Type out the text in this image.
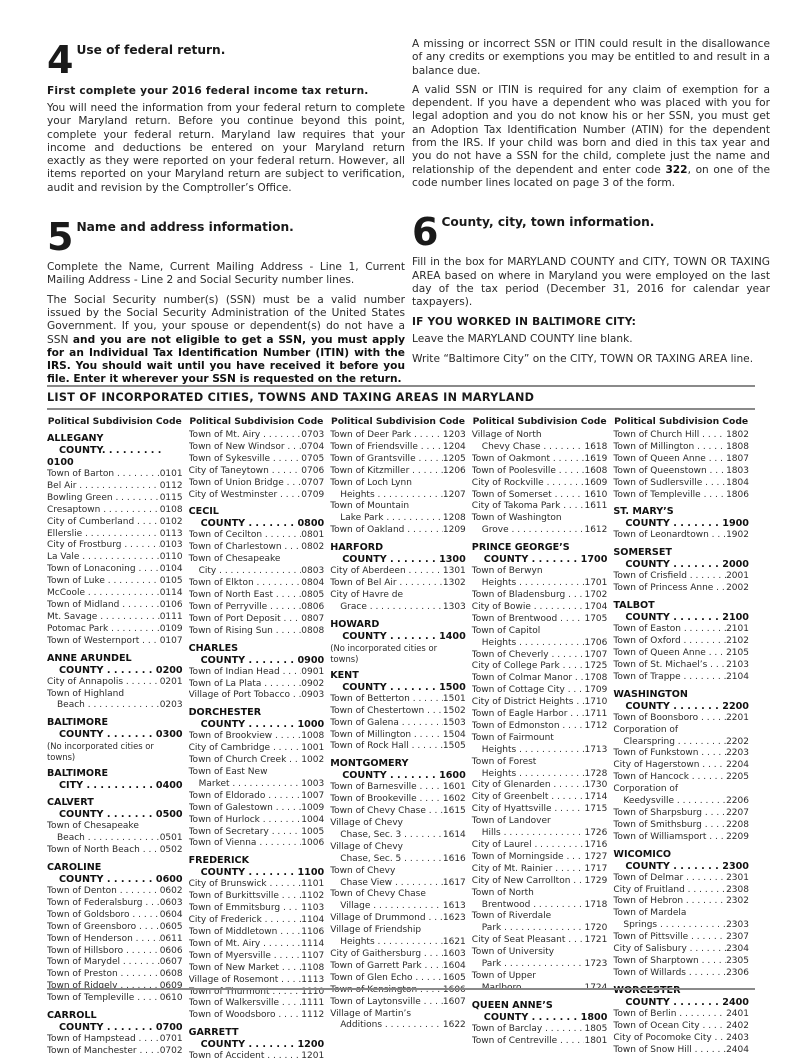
4 Use of federal return.
First complete your 2016 federal income tax return.

You will need the information from your federal return to complete your Maryland return. Before you continue beyond this point, complete your federal return. Maryland law requires that your income and deductions be entered on your Maryland return exactly as they were reported on your federal return. However, all items reported on your Maryland return are subject to verification, audit and revision by the Comptroller’s Office.

5 Name and address information.

Complete the Name, Current Mailing Address - Line 1, Current Mailing Address - Line 2 and Social Security number lines.

The Social Security number(s) (SSN) must be a valid number issued by the Social Security Administration of the United States Government. If you, your spouse or dependent(s) do not have a SSN and you are not eligible to get a SSN, you must apply for an Individual Tax Identification Number (ITIN) with the IRS. You should wait until you have received it before you file. Enter it wherever your SSN is requested on the return.

A missing or incorrect SSN or ITIN could result in the disallowance of any credits or exemptions you may be entitled to and result in a balance due.

A valid SSN or ITIN is required for any claim of exemption for a dependent. If you have a dependent who was placed with you for legal adoption and you do not know his or her SSN, you must get an Adoption Tax Identification Number (ATIN) for the dependent from the IRS. If your child was born and died in this tax year and you do not have a SSN for the child, complete just the name and relationship of the dependent and enter code 322, on one of the code number lines located on page 3 of the form.

6 County, city, town information.

Fill in the box for MARYLAND COUNTY and CITY, TOWN OR TAXING AREA based on where in Maryland you were employed on the last day of the tax period (December 31, 2016 for calendar year taxpayers).

IF YOU WORKED IN BALTIMORE CITY:

Leave the MARYLAND COUNTY line blank.

Write “Baltimore City” on the CITY, TOWN OR TAXING AREA line.

LIST OF INCORPORATED CITIES, TOWNS AND TAXING AREAS IN MARYLAND
Political Subdivision Code
ALLEGANY
COUNTY. . . . . . . . .
0100
Town of Barton . . .	0101
Bel Air . . .	0112
Bowling Green . . .	0115
Cresaptown . . .	0108
City of Cumberland . . .	0102
Ellerslie . . .	0113
City of Frostburg . . .	0103
La Vale . . .	0110
Town of Lonaconing . . .	0104
Town of Luke . . .	0105
McCoole . . .	0114
Town of Midland . . .	0106
Mt. Savage . . .	0111
Potomac Park . . .	0109
Town of Westernport . . .	0107
ANNE ARUNDEL
COUNTY . . .	0200
City of Annapolis . . .	0201
Town of Highland
Beach . . .	0203
BALTIMORE
COUNTY . . .	0300
(No incorporated cities or towns)
BALTIMORE
CITY . . .	0400
CALVERT
COUNTY . . .	0500
Town of Chesapeake
Beach . . .	0501
Town of North Beach . . .	0502
CAROLINE
COUNTY . . .	0600
Town of Denton . . .	0602
Town of Federalsburg . . .	0603
Town of Goldsboro . . .	0604
Town of Greensboro . . .	0605
Town of Henderson . . .	0611
Town of Hillsboro . . .	0606
Town of Marydel . . .	0607
Town of Preston . . .	0608
Town of Ridgely . . .	0609
Town of Templeville . . .	0610
CARROLL
COUNTY . . .	0700
Town of Hampstead . . .	0701
Town of Manchester . . .	0702
Political Subdivision Code
Town of Mt. Airy . . .	0703
Town of New Windsor . . .	0704
Town of Sykesville . . .	0705
City of Taneytown . . .	0706
Town of Union Bridge . . .	0707
City of Westminster . . .	0709
CECIL
COUNTY . . .	0800
Town of Cecilton . . .	0801
Town of Charlestown . . .	0802
Town of Chesapeake
City . . .	0803
Town of Elkton . . .	0804
Town of North East . . .	0805
Town of Perryville . . .	0806
Town of Port Deposit . . .	0807
Town of Rising Sun . . .	0808
CHARLES
COUNTY . . .	0900
Town of Indian Head . . .	0901
Town of La Plata . . .	0902
Village of Port Tobacco . . .	0903
DORCHESTER
COUNTY . . .	1000
Town of Brookview . . .	1008
City of Cambridge . . .	1001
Town of Church Creek . . .	1002
Town of East New
Market . . .	1003
Town of Eldorado . . .	1007
Town of Galestown . . .	1009
Town of Hurlock . . .	1004
Town of Secretary . . .	1005
Town of Vienna . . .	1006
FREDERICK
COUNTY . . .	1100
City of Brunswick . . .	1101
Town of Burkittsville . . .	1102
Town of Emmitsburg . . .	1103
City of Frederick . . .	1104
Town of Middletown . . .	1106
Town of Mt. Airy . . .	1114
Town of Myersville . . .	1107
Town of New Market . . .	1108
Village of Rosemont . . .	1113
Town of Thurmont . . .	1110
Town of Walkersville . . .	1111
Town of Woodsboro . . .	1112
GARRETT
COUNTY . . .	1200
Town of Accident . . .	1201
Political Subdivision Code
Town of Deer Park . . .	1203
Town of Friendsville . . .	1204
Town of Grantsville . . .	1205
Town of Kitzmiller . . .	1206
Town of Loch Lynn
Heights . . .	1207
Town of Mountain
Lake Park . . .	1208
Town of Oakland . . .	1209
HARFORD
COUNTY . . .	1300
City of Aberdeen . . .	1301
Town of Bel Air . . .	1302
City of Havre de
Grace . . .	1303
HOWARD
COUNTY . . .	1400
(No incorporated cities or towns)
KENT
COUNTY . . .	1500
Town of Betterton . . .	1501
Town of Chestertown . . .	1502
Town of Galena . . .	1503
Town of Millington . . .	1504
Town of Rock Hall . . .	1505
MONTGOMERY
COUNTY . . .	1600
Town of Barnesville . . .	1601
Town of Brookeville . . .	1602
Town of Chevy Chase . . .	1615
Village of Chevy
Chase, Sec. 3 . . .	1614
Village of Chevy
Chase, Sec. 5 . . .	1616
Town of Chevy
Chase View . . .	1617
Town of Chevy Chase
Village . . .	1613
Village of Drummond . . .	1623
Village of Friendship
Heights . . .	1621
City of Gaithersburg . . .	1603
Town of Garrett Park . . .	1604
Town of Glen Echo . . .	1605
Town of Kensington . . .	1606
Town of Laytonsville . . .	1607
Village of Martin’s
Additions . . .	1622
Political Subdivision Code
Village of North
Chevy Chase . . .	1618
Town of Oakmont . . .	1619
Town of Poolesville . . .	1608
City of Rockville . . .	1609
Town of Somerset . . .	1610
City of Takoma Park . . .	1611
Town of Washington
Grove . . .	1612
PRINCE GEORGE’S
COUNTY . . .	1700
Town of Berwyn
Heights . . .	1701
Town of Bladensburg . . .	1702
City of Bowie . . .	1704
Town of Brentwood . . .	1705
Town of Capitol
Heights . . .	1706
Town of Cheverly . . .	1707
City of College Park . . .	1725
Town of Colmar Manor . . .	1708
Town of Cottage City . . .	1709
City of District Heights . . .	1710
Town of Eagle Harbor . . .	1711
Town of Edmonston . . .	1712
Town of Fairmount
Heights . . .	1713
Town of Forest
Heights . . .	1728
City of Glenarden . . .	1730
City of Greenbelt . . .	1714
City of Hyattsville . . .	1715
Town of Landover
Hills . . .	1726
City of Laurel . . .	1716
Town of Morningside . . .	1727
City of Mt. Rainier . . .	1717
City of New Carrollton . . .	1729
Town of North
Brentwood . . .	1718
Town of Riverdale
Park . . .	1720
City of Seat Pleasant . . .	1721
Town of University
Park . . .	1723
Town of Upper
Marlboro . . .	1724
QUEEN ANNE’S
COUNTY . . .	1800
Town of Barclay . . .	1805
Town of Centreville . . .	1801
Political Subdivision Code
Town of Church Hill . . .	1802
Town of Millington . . .	1808
Town of Queen Anne . . .	1807
Town of Queenstown . . .	1803
Town of Sudlersville . . .	1804
Town of Templeville . . .	1806
ST. MARY’S
COUNTY . . .	1900
Town of Leonardtown . . .	1902
SOMERSET
COUNTY . . .	2000
Town of Crisfield . . .	2001
Town of Princess Anne . . .	2002
TALBOT
COUNTY . . .	2100
Town of Easton . . .	2101
Town of Oxford . . .	2102
Town of Queen Anne . . .	2105
Town of St. Michael’s . . .	2103
Town of Trappe . . .	2104
WASHINGTON
COUNTY . . .	2200
Town of Boonsboro . . .	2201
Corporation of
Clearspring . . .	2202
Town of Funkstown . . .	2203
City of Hagerstown . . .	2204
Town of Hancock . . .	2205
Corporation of
Keedysville . . .	2206
Town of Sharpsburg . . .	2207
Town of Smithsburg . . .	2208
Town of Williamsport . . .	2209
WICOMICO
COUNTY . . .	2300
Town of Delmar . . .	2301
City of Fruitland . . .	2308
Town of Hebron . . .	2302
Town of Mardela
Springs . . .	2303
Town of Pittsville . . .	2307
City of Salisbury . . .	2304
Town of Sharptown . . .	2305
Town of Willards . . .	2306
WORCESTER
COUNTY . . .	2400
Town of Berlin . . .	2401
Town of Ocean City . . .	2402
City of Pocomoke City . . .	2403
Town of Snow Hill . . .	2404
